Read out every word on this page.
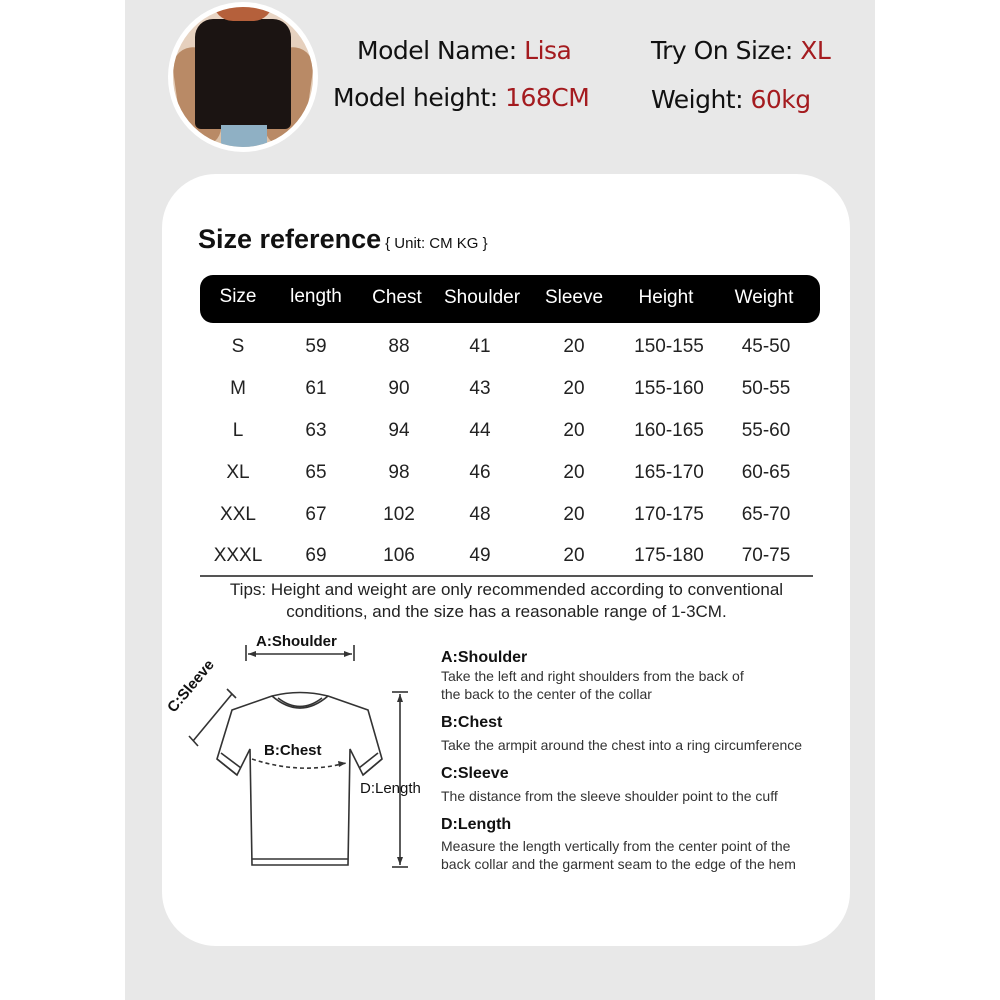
Model Name: Lisa
Model height: 168CM
Try On Size: XL
Weight: 60kg
Size reference { Unit: CM KG }
Size length Chest Shoulder Sleeve Height Weight
S	59	88	41	20	150-155 45-50
M	61	90	43	20	155-160 50-55
L	63	94	44	20	160-165 55-60
XL	65	98	46	20	165-170 60-65
XXL	67	102	48	20	170-175 65-70
XXXL 69	106	49	20	175-180 70-75
Tips: Height and weight are only recommended according to conventional
conditions, and the size has a reasonable range of 1-3CM.
A:Shoulder
B:Chest
C:Sleeve
D:Length
A:Shoulder
Take the left and right shoulders from the back of
the back to the center of the collar
B:Chest
Take the armpit around the chest into a ring circumference
C:Sleeve
The distance from the sleeve shoulder point to the cuff
D:Length
Measure the length vertically from the center point of the
back collar and the garment seam to the edge of the hem
